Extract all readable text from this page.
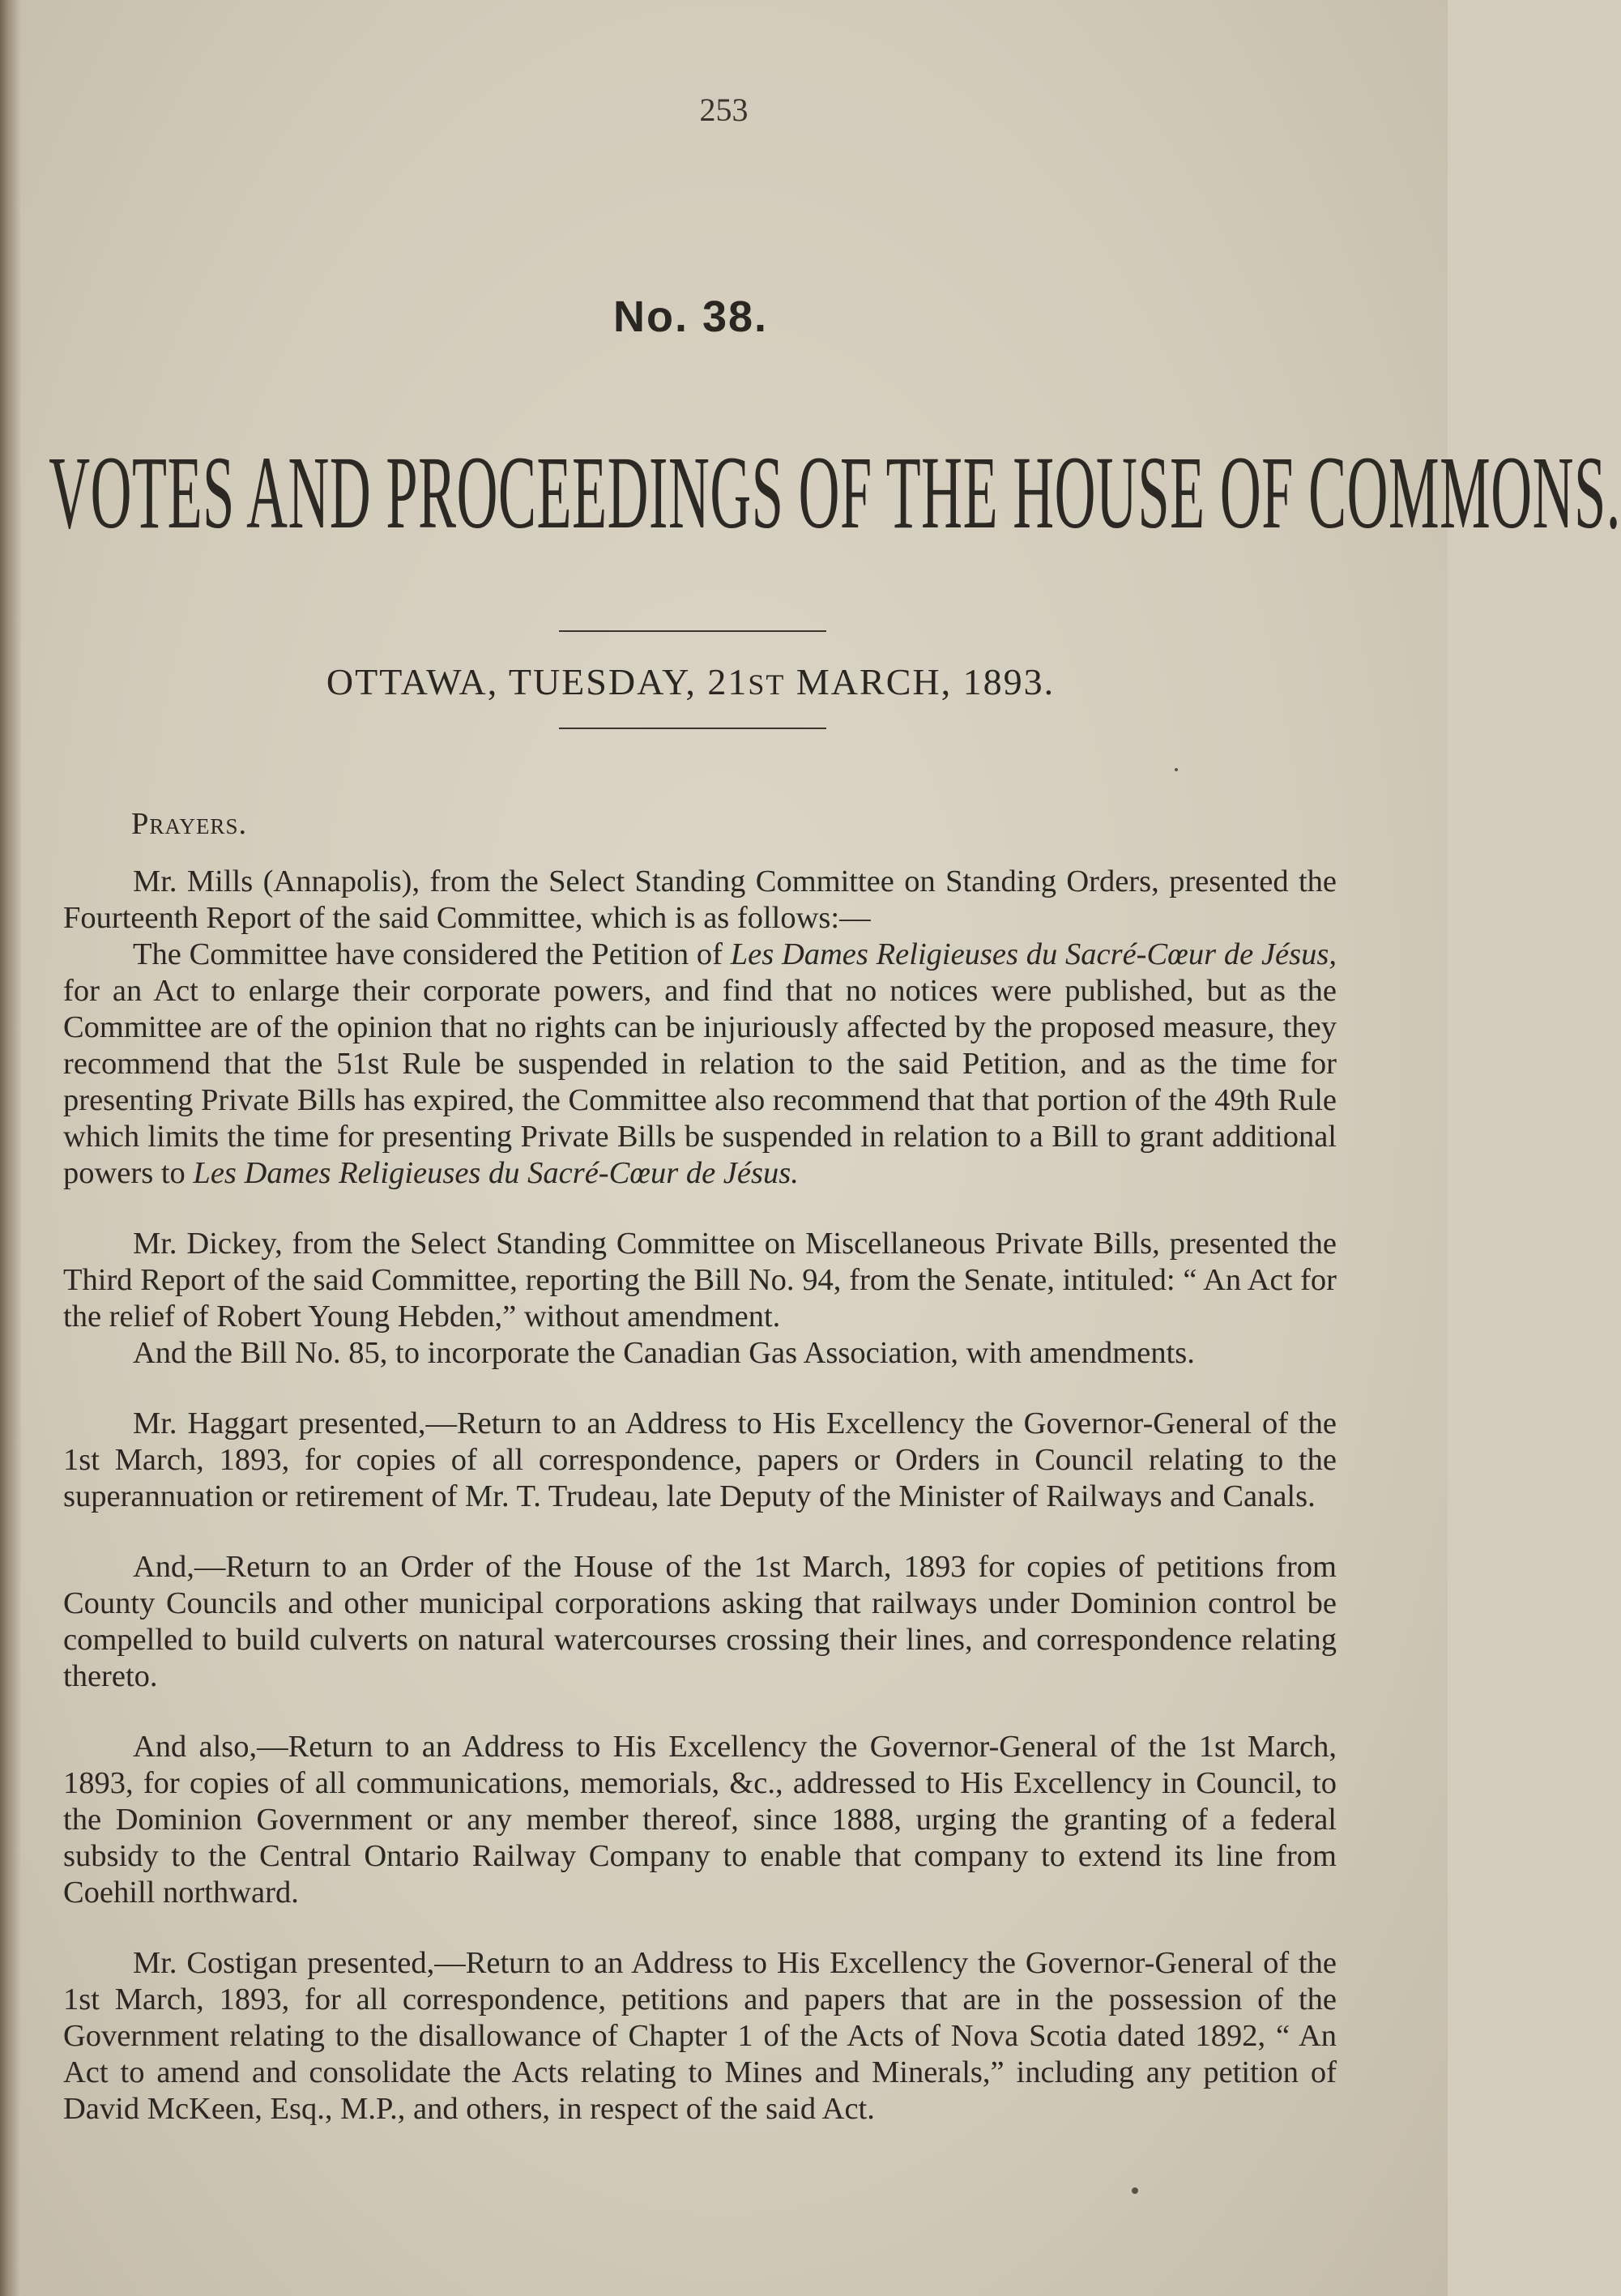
253
No. 38.
VOTES AND PROCEEDINGS OF THE HOUSE OF COMMONS.
OTTAWA, TUESDAY, 21ST MARCH, 1893.

Prayers.

Mr. Mills (Annapolis), from the Select Standing Committee on Standing Orders, presented the Fourteenth Report of the said Committee, which is as follows:—

The Committee have considered the Petition of Les Dames Religieuses du Sacré-Cœur de Jésus, for an Act to enlarge their corporate powers, and find that no notices were published, but as the Committee are of the opinion that no rights can be injuriously affected by the proposed measure, they recommend that the 51st Rule be suspended in relation to the said Petition, and as the time for presenting Private Bills has expired, the Committee also recommend that that portion of the 49th Rule which limits the time for presenting Private Bills be suspended in relation to a Bill to grant additional powers to Les Dames Religieuses du Sacré-Cœur de Jésus.

Mr. Dickey, from the Select Standing Committee on Miscellaneous Private Bills, presented the Third Report of the said Committee, reporting the Bill No. 94, from the Senate, intituled: “ An Act for the relief of Robert Young Hebden,” without amendment.

And the Bill No. 85, to incorporate the Canadian Gas Association, with amendments.

Mr. Haggart presented,—Return to an Address to His Excellency the Governor-General of the 1st March, 1893, for copies of all correspondence, papers or Orders in Council relating to the superannuation or retirement of Mr. T. Trudeau, late Deputy of the Minister of Railways and Canals.

And,—Return to an Order of the House of the 1st March, 1893 for copies of petitions from County Councils and other municipal corporations asking that railways under Dominion control be compelled to build culverts on natural watercourses crossing their lines, and correspondence relating thereto.

And also,—Return to an Address to His Excellency the Governor-General of the 1st March, 1893, for copies of all communications, memorials, &c., addressed to His Excellency in Council, to the Dominion Government or any member thereof, since 1888, urging the granting of a federal subsidy to the Central Ontario Railway Company to enable that company to extend its line from Coehill northward.

Mr. Costigan presented,—Return to an Address to His Excellency the Governor-General of the 1st March, 1893, for all correspondence, petitions and papers that are in the possession of the Government relating to the disallowance of Chapter 1 of the Acts of Nova Scotia dated 1892, “ An Act to amend and consolidate the Acts relating to Mines and Minerals,” including any petition of David McKeen, Esq., M.P., and others, in respect of the said Act.
